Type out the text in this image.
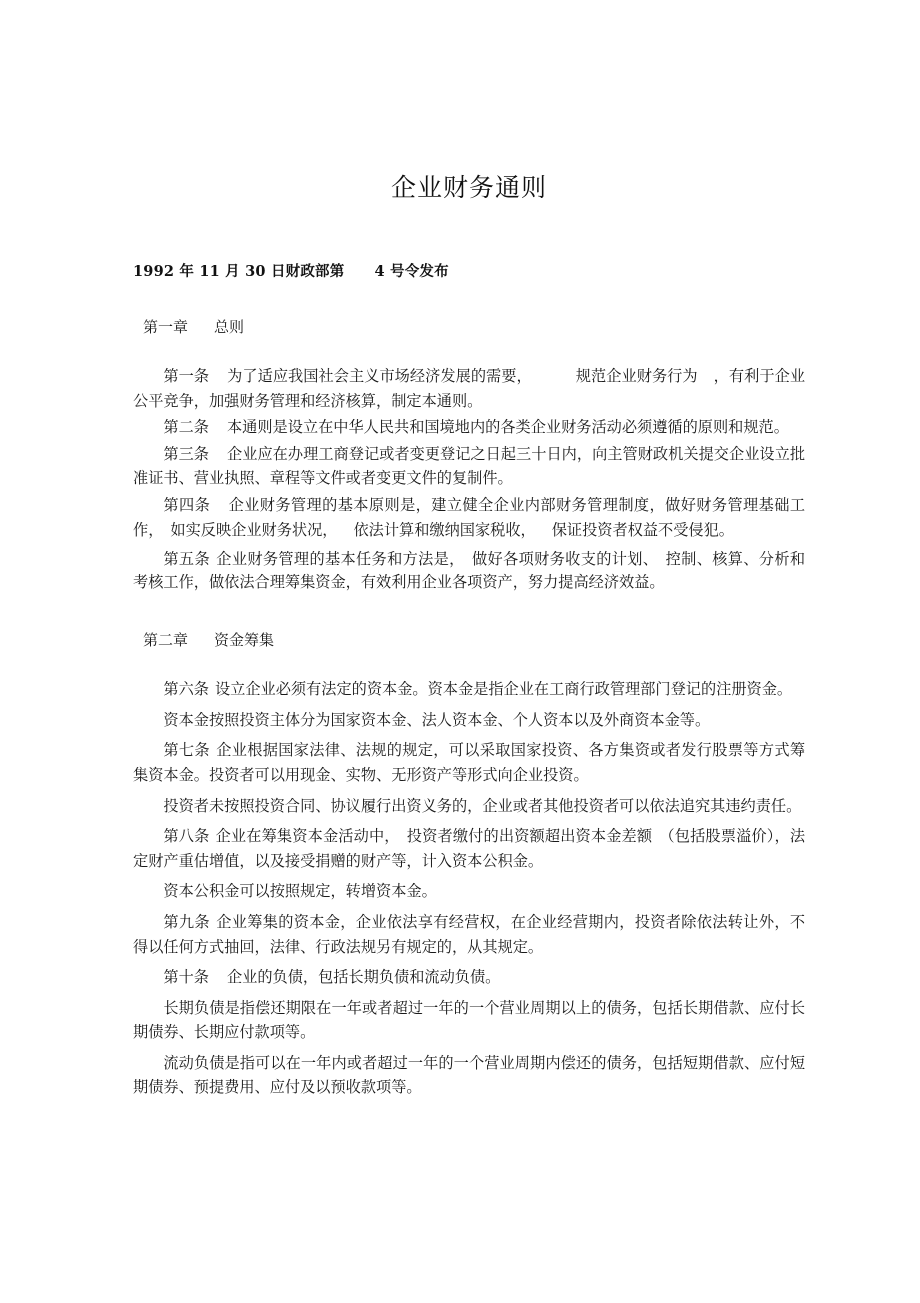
企业财务通则

1992 年 11 月 30 日财政部第 4 号令发布

第一章 总则

第一条 为了适应我国社会主义市场经济发展的需要，	规范企业财务行为 ，有利于企业公平竞争，加强财务管理和经济核算，制定本通则。

第二条 本通则是设立在中华人民共和国境地内的各类企业财务活动必须遵循的原则和规范。

第三条 企业应在办理工商登记或者变更登记之日起三十日内，向主管财政机关提交企业设立批准证书、营业执照、章程等文件或者变更文件的复制件。

第四条 企业财务管理的基本原则是，建立健全企业内部财务管理制度，做好财务管理基础工作， 如实反映企业财务状况， 依法计算和缴纳国家税收， 保证投资者权益不受侵犯。

第五条 企业财务管理的基本任务和方法是， 做好各项财务收支的计划、 控制、核算、分析和考核工作，做依法合理筹集资金，有效利用企业各项资产，努力提高经济效益。

第二章 资金筹集

第六条 设立企业必须有法定的资本金。资本金是指企业在工商行政管理部门登记的注册资金。

资本金按照投资主体分为国家资本金、法人资本金、个人资本以及外商资本金等。

第七条 企业根据国家法律、法规的规定，可以采取国家投资、各方集资或者发行股票等方式筹集资本金。投资者可以用现金、实物、无形资产等形式向企业投资。

投资者未按照投资合同、协议履行出资义务的，企业或者其他投资者可以依法追究其违约责任。

第八条 企业在筹集资本金活动中， 投资者缴付的出资额超出资本金差额 （包括股票溢价），法定财产重估增值，以及接受捐赠的财产等，计入资本公积金。

资本公积金可以按照规定，转增资本金。

第九条 企业筹集的资本金，企业依法享有经营权，在企业经营期内，投资者除依法转让外，不得以任何方式抽回，法律、行政法规另有规定的，从其规定。

第十条 企业的负债，包括长期负债和流动负债。

长期负债是指偿还期限在一年或者超过一年的一个营业周期以上的债务，包括长期借款、应付长期债券、长期应付款项等。

流动负债是指可以在一年内或者超过一年的一个营业周期内偿还的债务，包括短期借款、应付短期债券、预提费用、应付及以预收款项等。
